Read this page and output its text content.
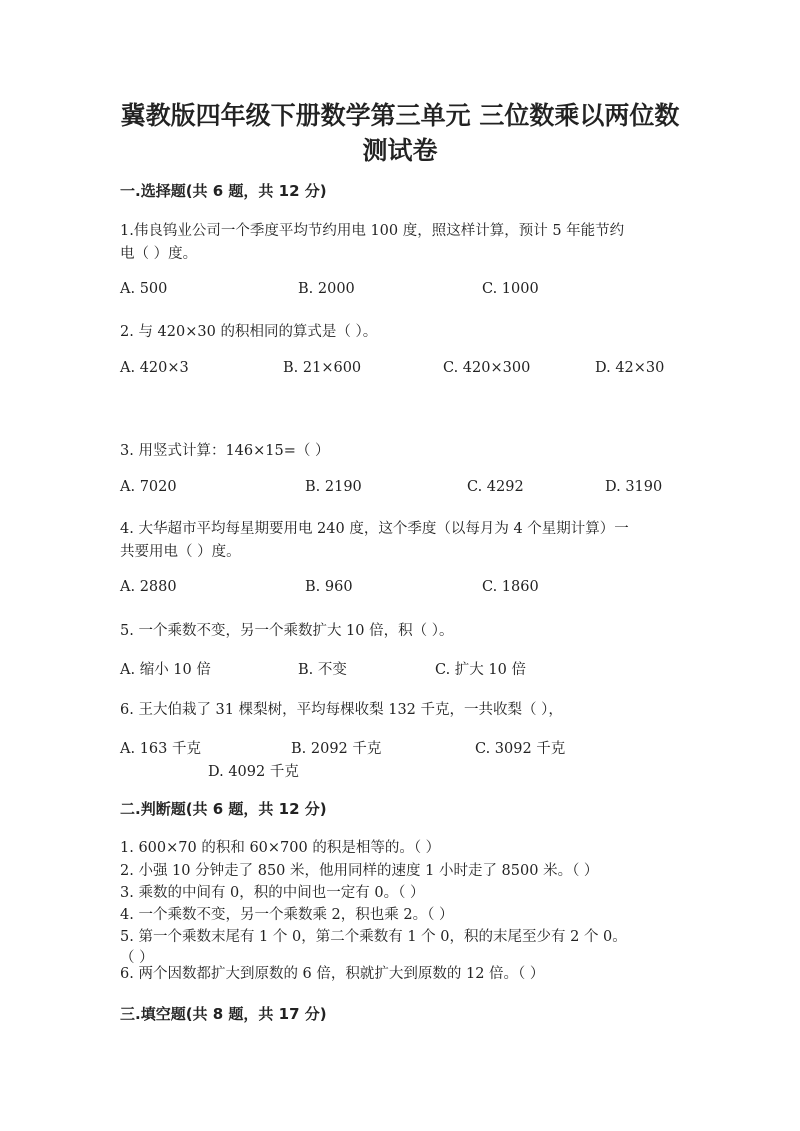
冀教版四年级下册数学第三单元 三位数乘以两位数
测试卷
一.选择题(共 6 题，共 12 分)
1.伟良钨业公司一个季度平均节约用电 100 度，照这样计算，预计 5 年能节约
电（ ）度。
A. 500	B. 2000	C. 1000
2. 与 420×30 的积相同的算式是（ ）。
A. 420×3	B. 21×600	C. 420×300	D. 42×30
3. 用竖式计算：146×15=（ ）
A. 7020	B. 2190	C. 4292	D. 3190
4. 大华超市平均每星期要用电 240 度，这个季度（以每月为 4 个星期计算）一
共要用电（ ）度。
A. 2880	B. 960	C. 1860
5. 一个乘数不变，另一个乘数扩大 10 倍，积（ ）。
A. 缩小 10 倍	B. 不变	C. 扩大 10 倍
6. 王大伯栽了 31 棵梨树，平均每棵收梨 132 千克，一共收梨（ ），
A. 163 千克	B. 2092 千克	C. 3092 千克
D. 4092 千克
二.判断题(共 6 题，共 12 分)
1. 600×70 的积和 60×700 的积是相等的。（ ）
2. 小强 10 分钟走了 850 米，他用同样的速度 1 小时走了 8500 米。（ ）
3. 乘数的中间有 0，积的中间也一定有 0。（ ）
4. 一个乘数不变，另一个乘数乘 2，积也乘 2。（ ）
5. 第一个乘数末尾有 1 个 0，第二个乘数有 1 个 0，积的末尾至少有 2 个 0。
（ ）
6. 两个因数都扩大到原数的 6 倍，积就扩大到原数的 12 倍。（ ）
三.填空题(共 8 题，共 17 分)
